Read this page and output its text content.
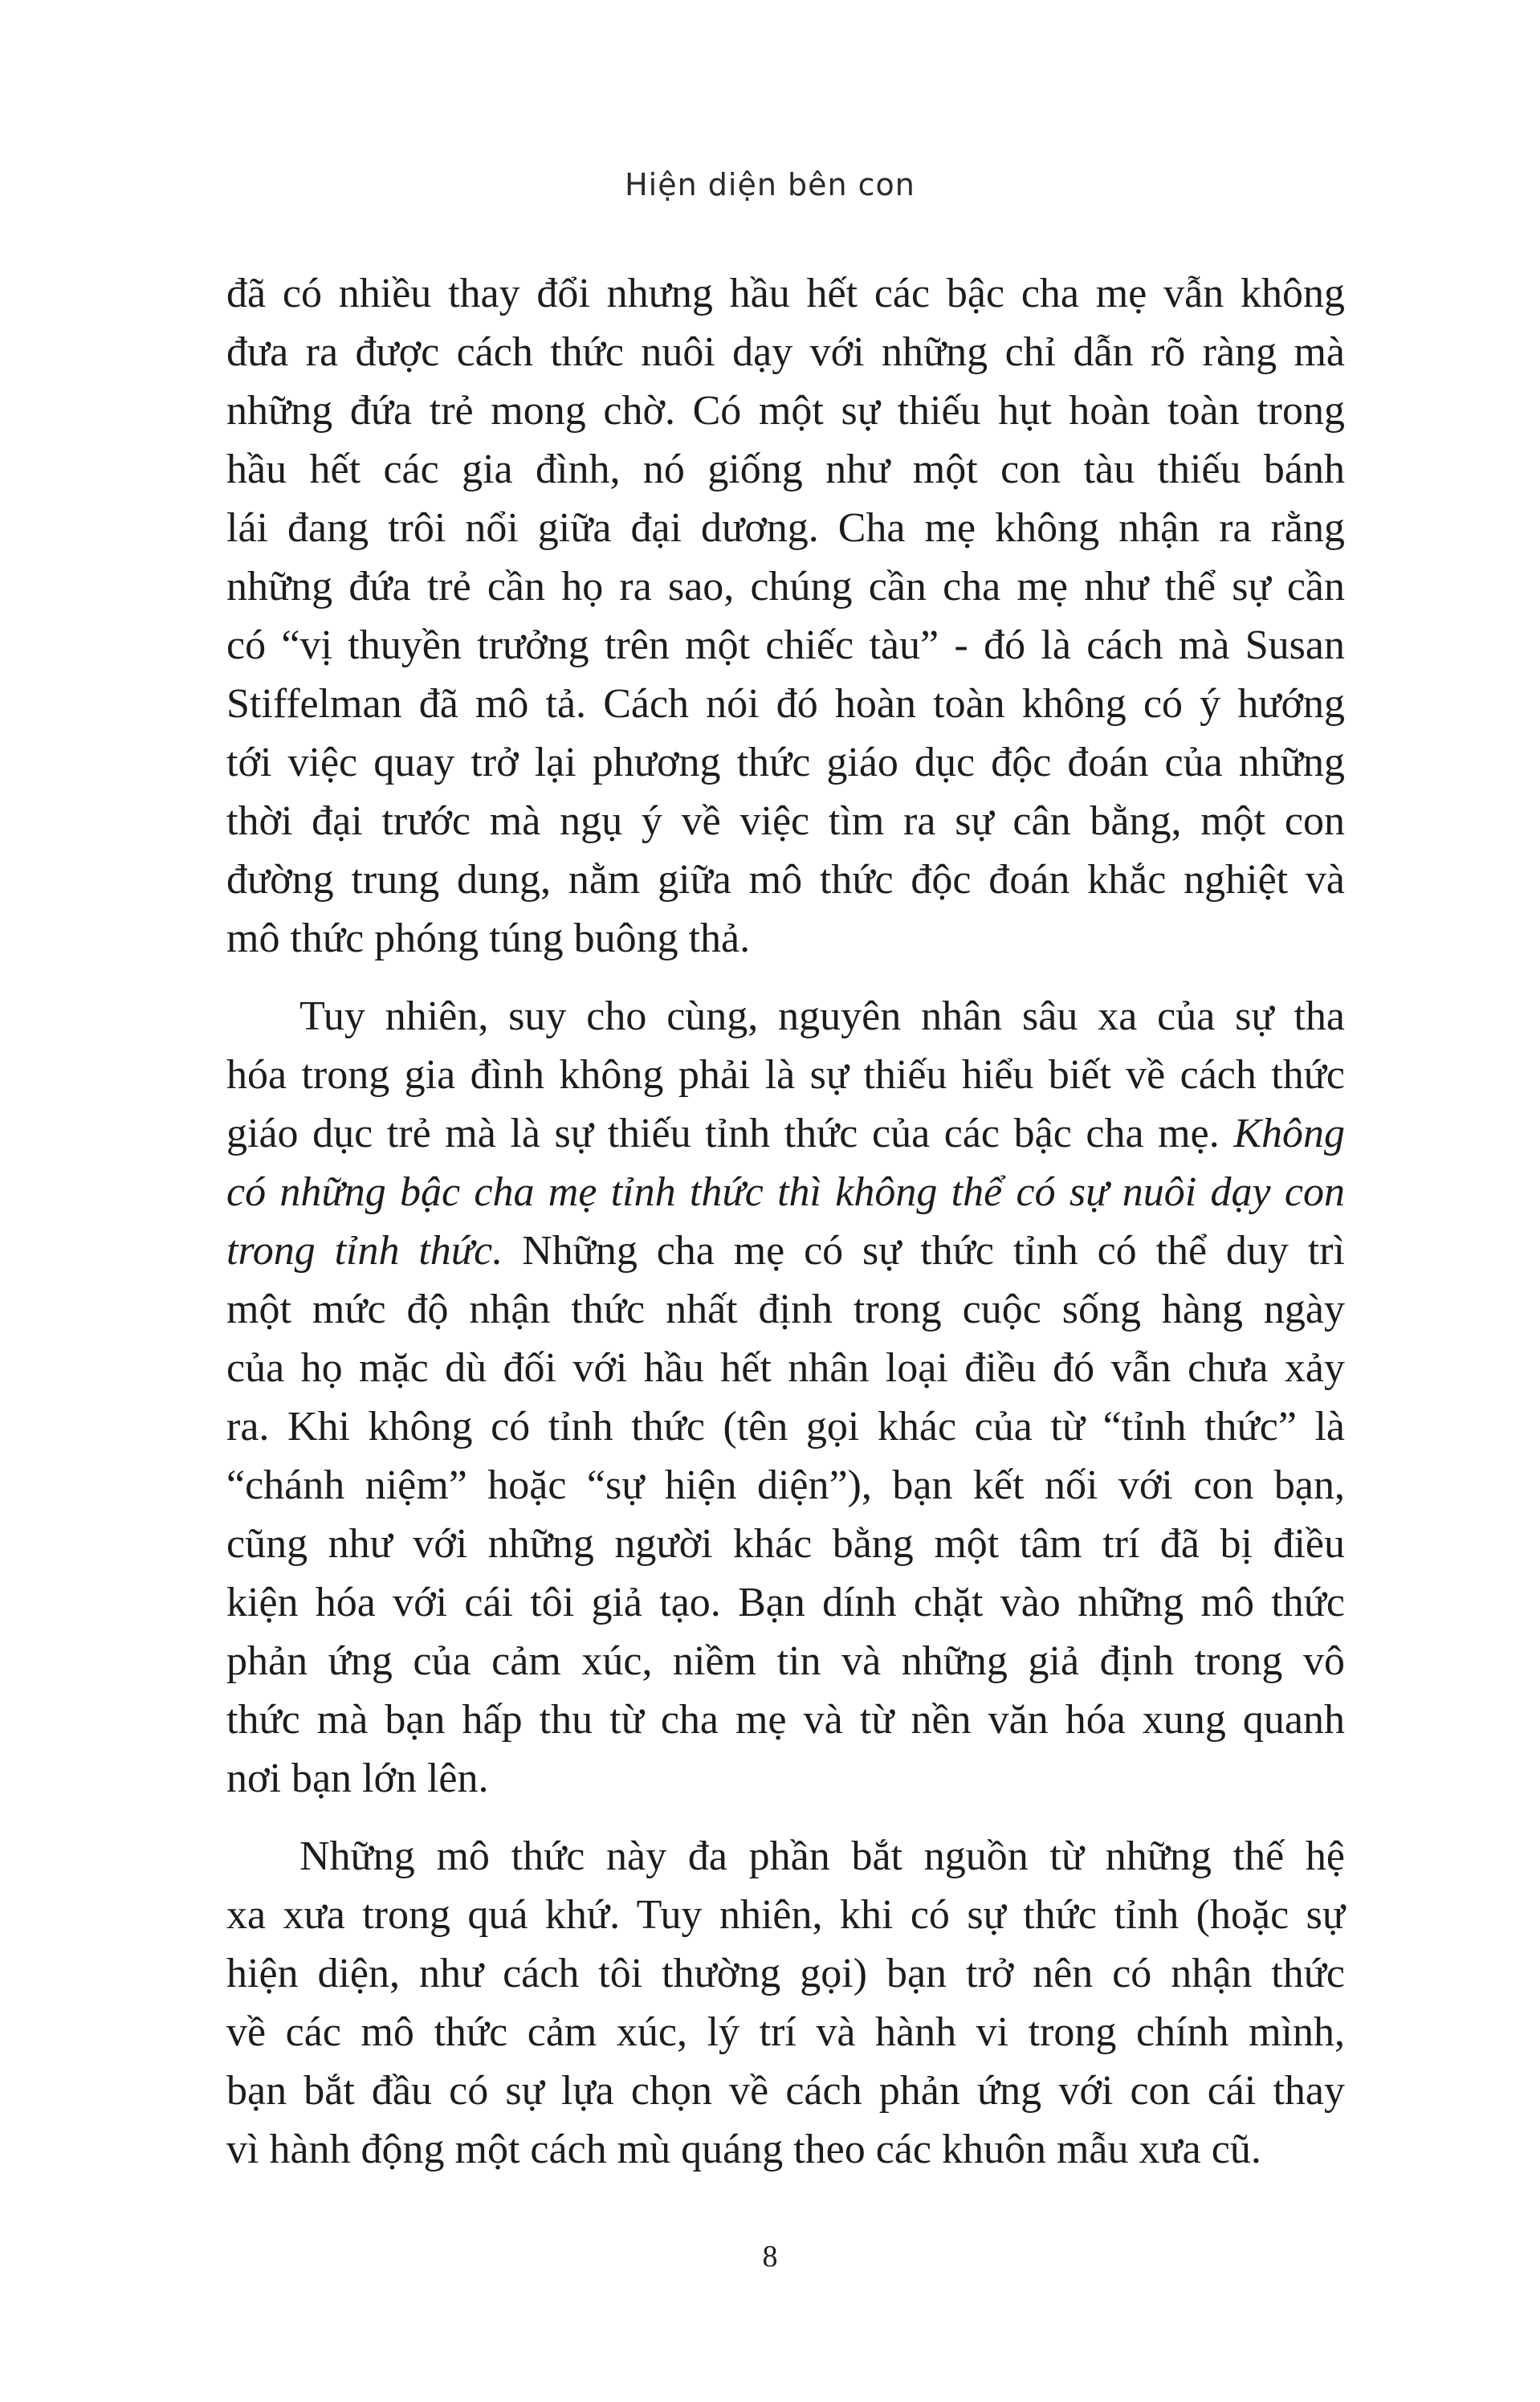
Hiện diện bên con
đã có nhiều thay đổi nhưng hầu hết các bậc cha mẹ vẫn không
đưa ra được cách thức nuôi dạy với những chỉ dẫn rõ ràng mà
những đứa trẻ mong chờ. Có một sự thiếu hụt hoàn toàn trong
hầu hết các gia đình, nó giống như một con tàu thiếu bánh
lái đang trôi nổi giữa đại dương. Cha mẹ không nhận ra rằng
những đứa trẻ cần họ ra sao, chúng cần cha mẹ như thể sự cần
có “vị thuyền trưởng trên một chiếc tàu” - đó là cách mà Susan
Stiffelman đã mô tả. Cách nói đó hoàn toàn không có ý hướng
tới việc quay trở lại phương thức giáo dục độc đoán của những
thời đại trước mà ngụ ý về việc tìm ra sự cân bằng, một con
đường trung dung, nằm giữa mô thức độc đoán khắc nghiệt và
mô thức phóng túng buông thả.
Tuy nhiên, suy cho cùng, nguyên nhân sâu xa của sự tha
hóa trong gia đình không phải là sự thiếu hiểu biết về cách thức
giáo dục trẻ mà là sự thiếu tỉnh thức của các bậc cha mẹ. Không
có những bậc cha mẹ tỉnh thức thì không thể có sự nuôi dạy con
trong tỉnh thức. Những cha mẹ có sự thức tỉnh có thể duy trì
một mức độ nhận thức nhất định trong cuộc sống hàng ngày
của họ mặc dù đối với hầu hết nhân loại điều đó vẫn chưa xảy
ra. Khi không có tỉnh thức (tên gọi khác của từ “tỉnh thức” là
“chánh niệm” hoặc “sự hiện diện”), bạn kết nối với con bạn,
cũng như với những người khác bằng một tâm trí đã bị điều
kiện hóa với cái tôi giả tạo. Bạn dính chặt vào những mô thức
phản ứng của cảm xúc, niềm tin và những giả định trong vô
thức mà bạn hấp thu từ cha mẹ và từ nền văn hóa xung quanh
nơi bạn lớn lên.
Những mô thức này đa phần bắt nguồn từ những thế hệ
xa xưa trong quá khứ. Tuy nhiên, khi có sự thức tỉnh (hoặc sự
hiện diện, như cách tôi thường gọi) bạn trở nên có nhận thức
về các mô thức cảm xúc, lý trí và hành vi trong chính mình,
bạn bắt đầu có sự lựa chọn về cách phản ứng với con cái thay
vì hành động một cách mù quáng theo các khuôn mẫu xưa cũ.
8
